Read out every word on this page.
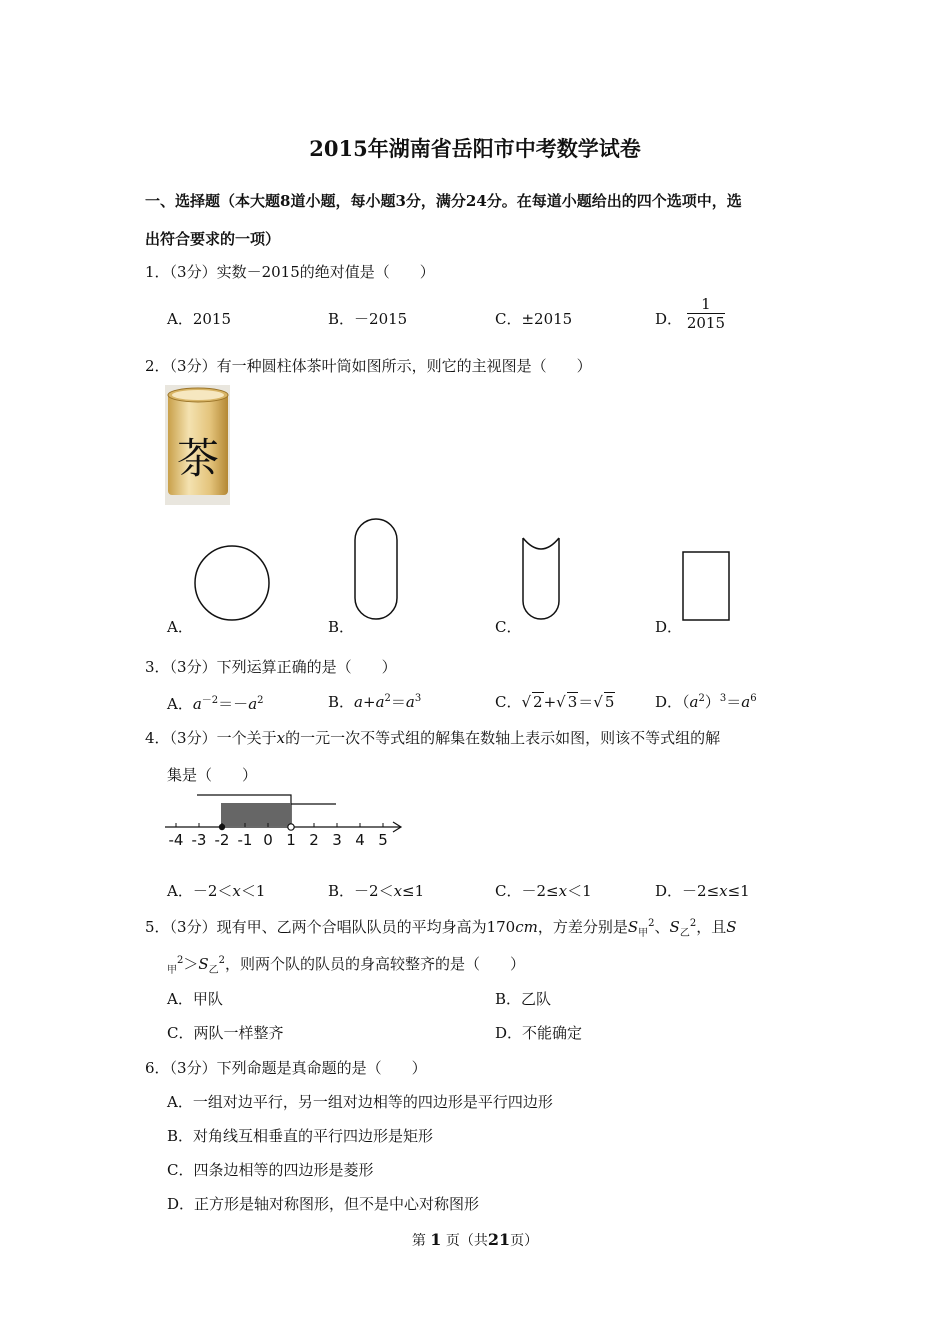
2015年湖南省岳阳市中考数学试卷
一、选择题（本大题8道小题，每小题3分，满分24分。在每道小题给出的四个选项中，选
出符合要求的一项）
1．（3分）实数－2015的绝对值是（　　）
A．2015	B．－2015	C．±2015	D． $\frac{1}{2015}$
2．（3分）有一种圆柱体茶叶筒如图所示，则它的主视图是（　　）
茶
A．	B．	C．	D．
3．（3分）下列运算正确的是（　　）
A．$a^{-2}=-a^2$	B．$a+a^2=a^3$	C．√ 2+√ 3＝√ 5	D．$(a^2)^3=a^6$
4．（3分）一个关于x的一元一次不等式组的解集在数轴上表示如图，则该不等式组的解
集是（　　）
-4 -3 -2 -1 0 1 2 3 4 5
A．－2＜x＜1	B．－2＜x≤1	C．－2≤x＜1	D．－2≤x≤1
5．（3分）现有甲、乙两个合唱队队员的平均身高为170cm，方差分别是$S_甲^2$、$S_乙^2$，且S
$_甲^2>S_乙^2$，则两个队的队员的身高较整齐的是（　　）
A．甲队	B．乙队
C．两队一样整齐	D．不能确定
6．（3分）下列命题是真命题的是（　　）
A．一组对边平行，另一组对边相等的四边形是平行四边形
B．对角线互相垂直的平行四边形是矩形
C．四条边相等的四边形是菱形
D．正方形是轴对称图形，但不是中心对称图形
第 1 页（共21页）
